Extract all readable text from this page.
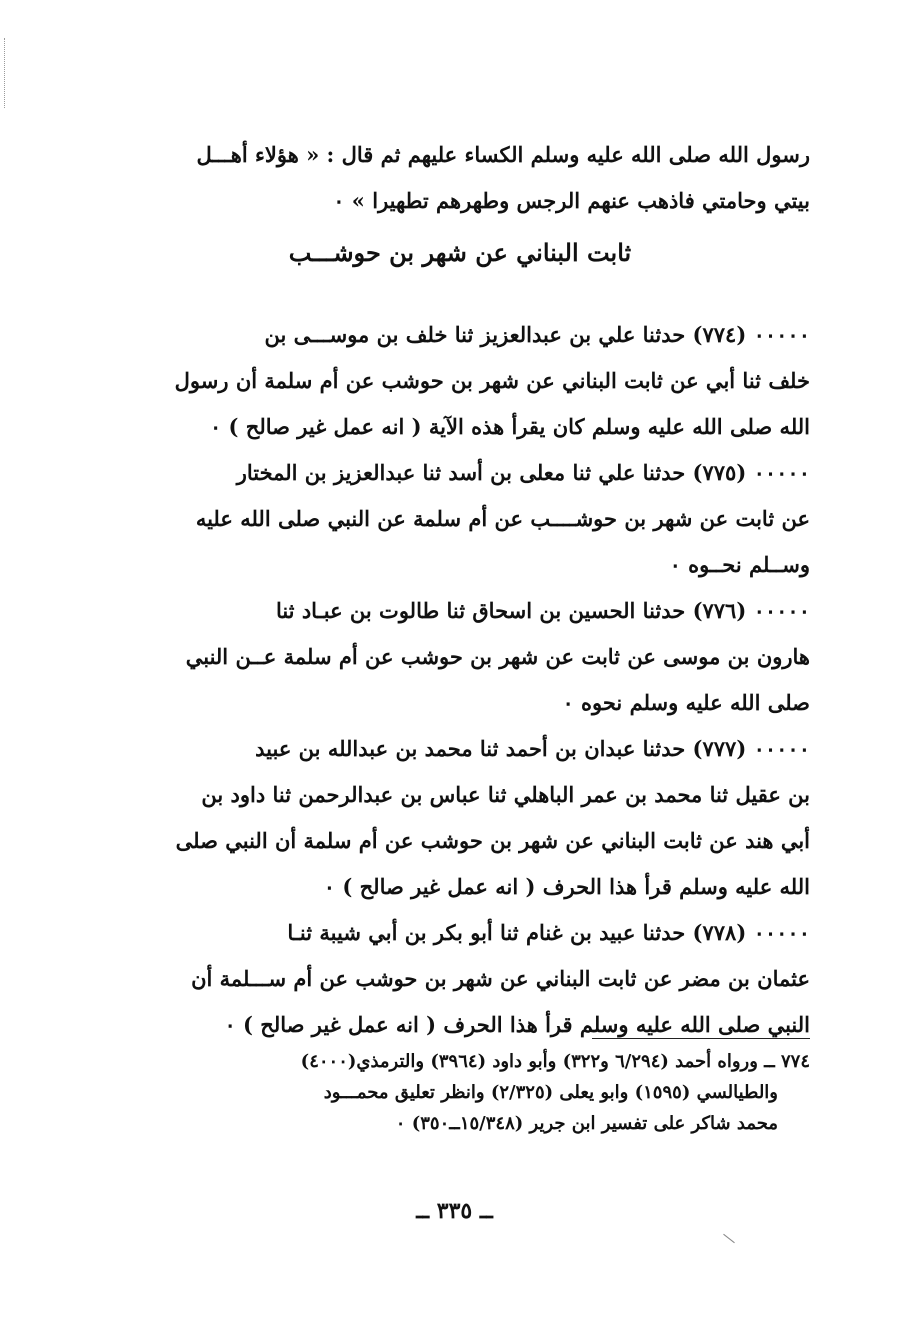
رسول الله صلى الله عليه وسلم الكساء عليهم ثم قال : « هؤلاء أهـــل

بيتي وحامتي فاذهب عنهم الرجس وطهرهم تطهيرا » ٠

ثابت البناني عن شهر بن حوشـــب

٠٠٠٠٠ (٧٧٤) حدثنا علي بن عبدالعزيز ثنا خلف بن موســـى بن

خلف ثنا أبي عن ثابت البناني عن شهر بن حوشب عن أم سلمة أن رسول

الله صلى الله عليه وسلم كان يقرأ هذه الآية ( انه عمل غير صالح ) ٠

٠٠٠٠٠ (٧٧٥) حدثنا علي ثنا معلى بن أسد ثنا عبدالعزيز بن المختار

عن ثابت عن شهر بن حوشــــب عن أم سلمة عن النبي صلى الله عليه

وســلم نحــوه ٠

٠٠٠٠٠ (٧٧٦) حدثنا الحسين بن اسحاق ثنا طالوت بن عبـاد ثنا

هارون بن موسى عن ثابت عن شهر بن حوشب عن أم سلمة عــن النبي

صلى الله عليه وسلم نحوه ٠

٠٠٠٠٠ (٧٧٧) حدثنا عبدان بن أحمد ثنا محمد بن عبدالله بن عبيد

بن عقيل ثنا محمد بن عمر الباهلي ثنا عباس بن عبدالرحمن ثنا داود بن

أبي هند عن ثابت البناني عن شهر بن حوشب عن أم سلمة أن النبي صلى

الله عليه وسلم قرأ هذا الحرف ( انه عمل غير صالح ) ٠

٠٠٠٠٠ (٧٧٨) حدثنا عبيد بن غنام ثنا أبو بكر بن أبي شيبة ثنـا

عثمان بن مضر عن ثابت البناني عن شهر بن حوشب عن أم ســـلمة أن

النبي صلى الله عليه وسلم قرأ هذا الحرف ( انه عمل غير صالح ) ٠

٧٧٤ ــ ورواه أحمد (٦/٢٩٤ و٣٢٢) وأبو داود (٣٩٦٤) والترمذي(٤٠٠٠)

والطيالسي (١٥٩٥) وابو يعلى (٢/٣٢٥) وانظر تعليق محمـــود

محمد شاكر على تفسير ابن جرير (١٥/٣٤٨ــ٣٥٠) ٠

ــ ٣٣٥ ــ
